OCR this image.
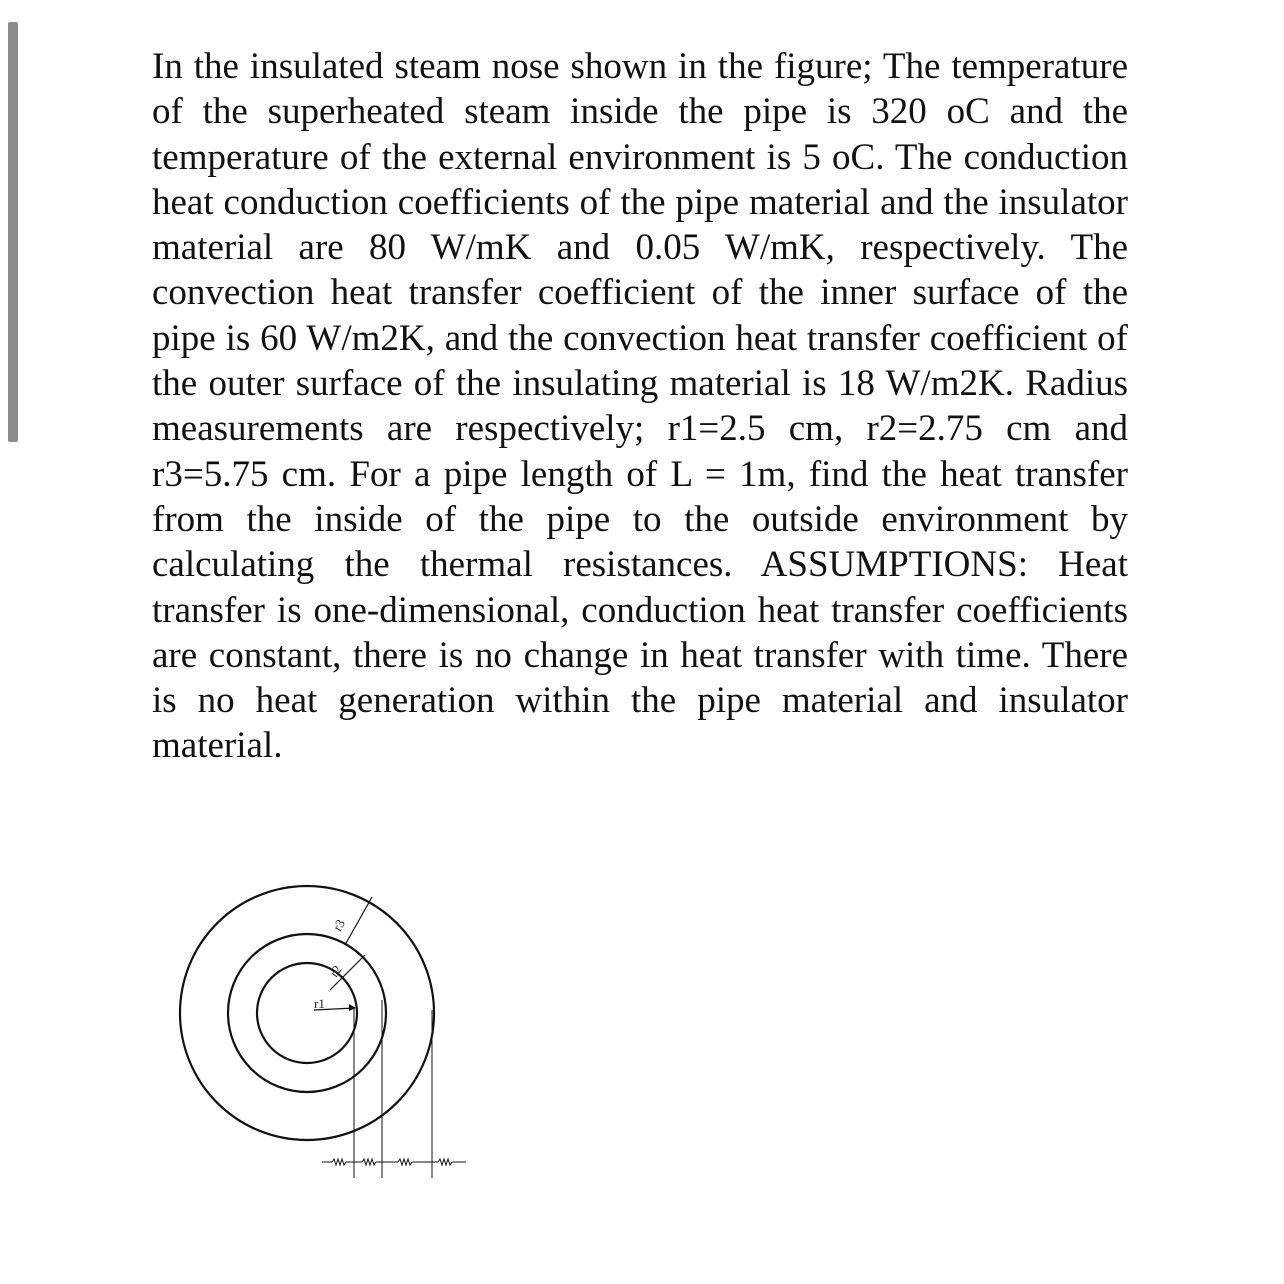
In the insulated steam nose shown in the figure; The temperature of the superheated steam inside the pipe is 320 oC and the temperature of the external environment is 5 oC. The conduction heat conduction coefficients of the pipe material and the insulator material are 80 W/mK and 0.05 W/mK, respectively. The convection heat transfer coefficient of the inner surface of the pipe is 60 W/m2K, and the convection heat transfer coefficient of the outer surface of the insulating material is 18 W/m2K. Radius measurements are respectively; r1=2.5 cm, r2=2.75 cm and r3=5.75 cm. For a pipe length of L = 1m, find the heat transfer from the inside of the pipe to the outside environment by calculating the thermal resistances. ASSUMPTIONS: Heat transfer is one-dimensional, conduction heat transfer coefficients are constant, there is no change in heat transfer with time. There is no heat generation within the pipe material and insulator material.

r1
r2
r3
